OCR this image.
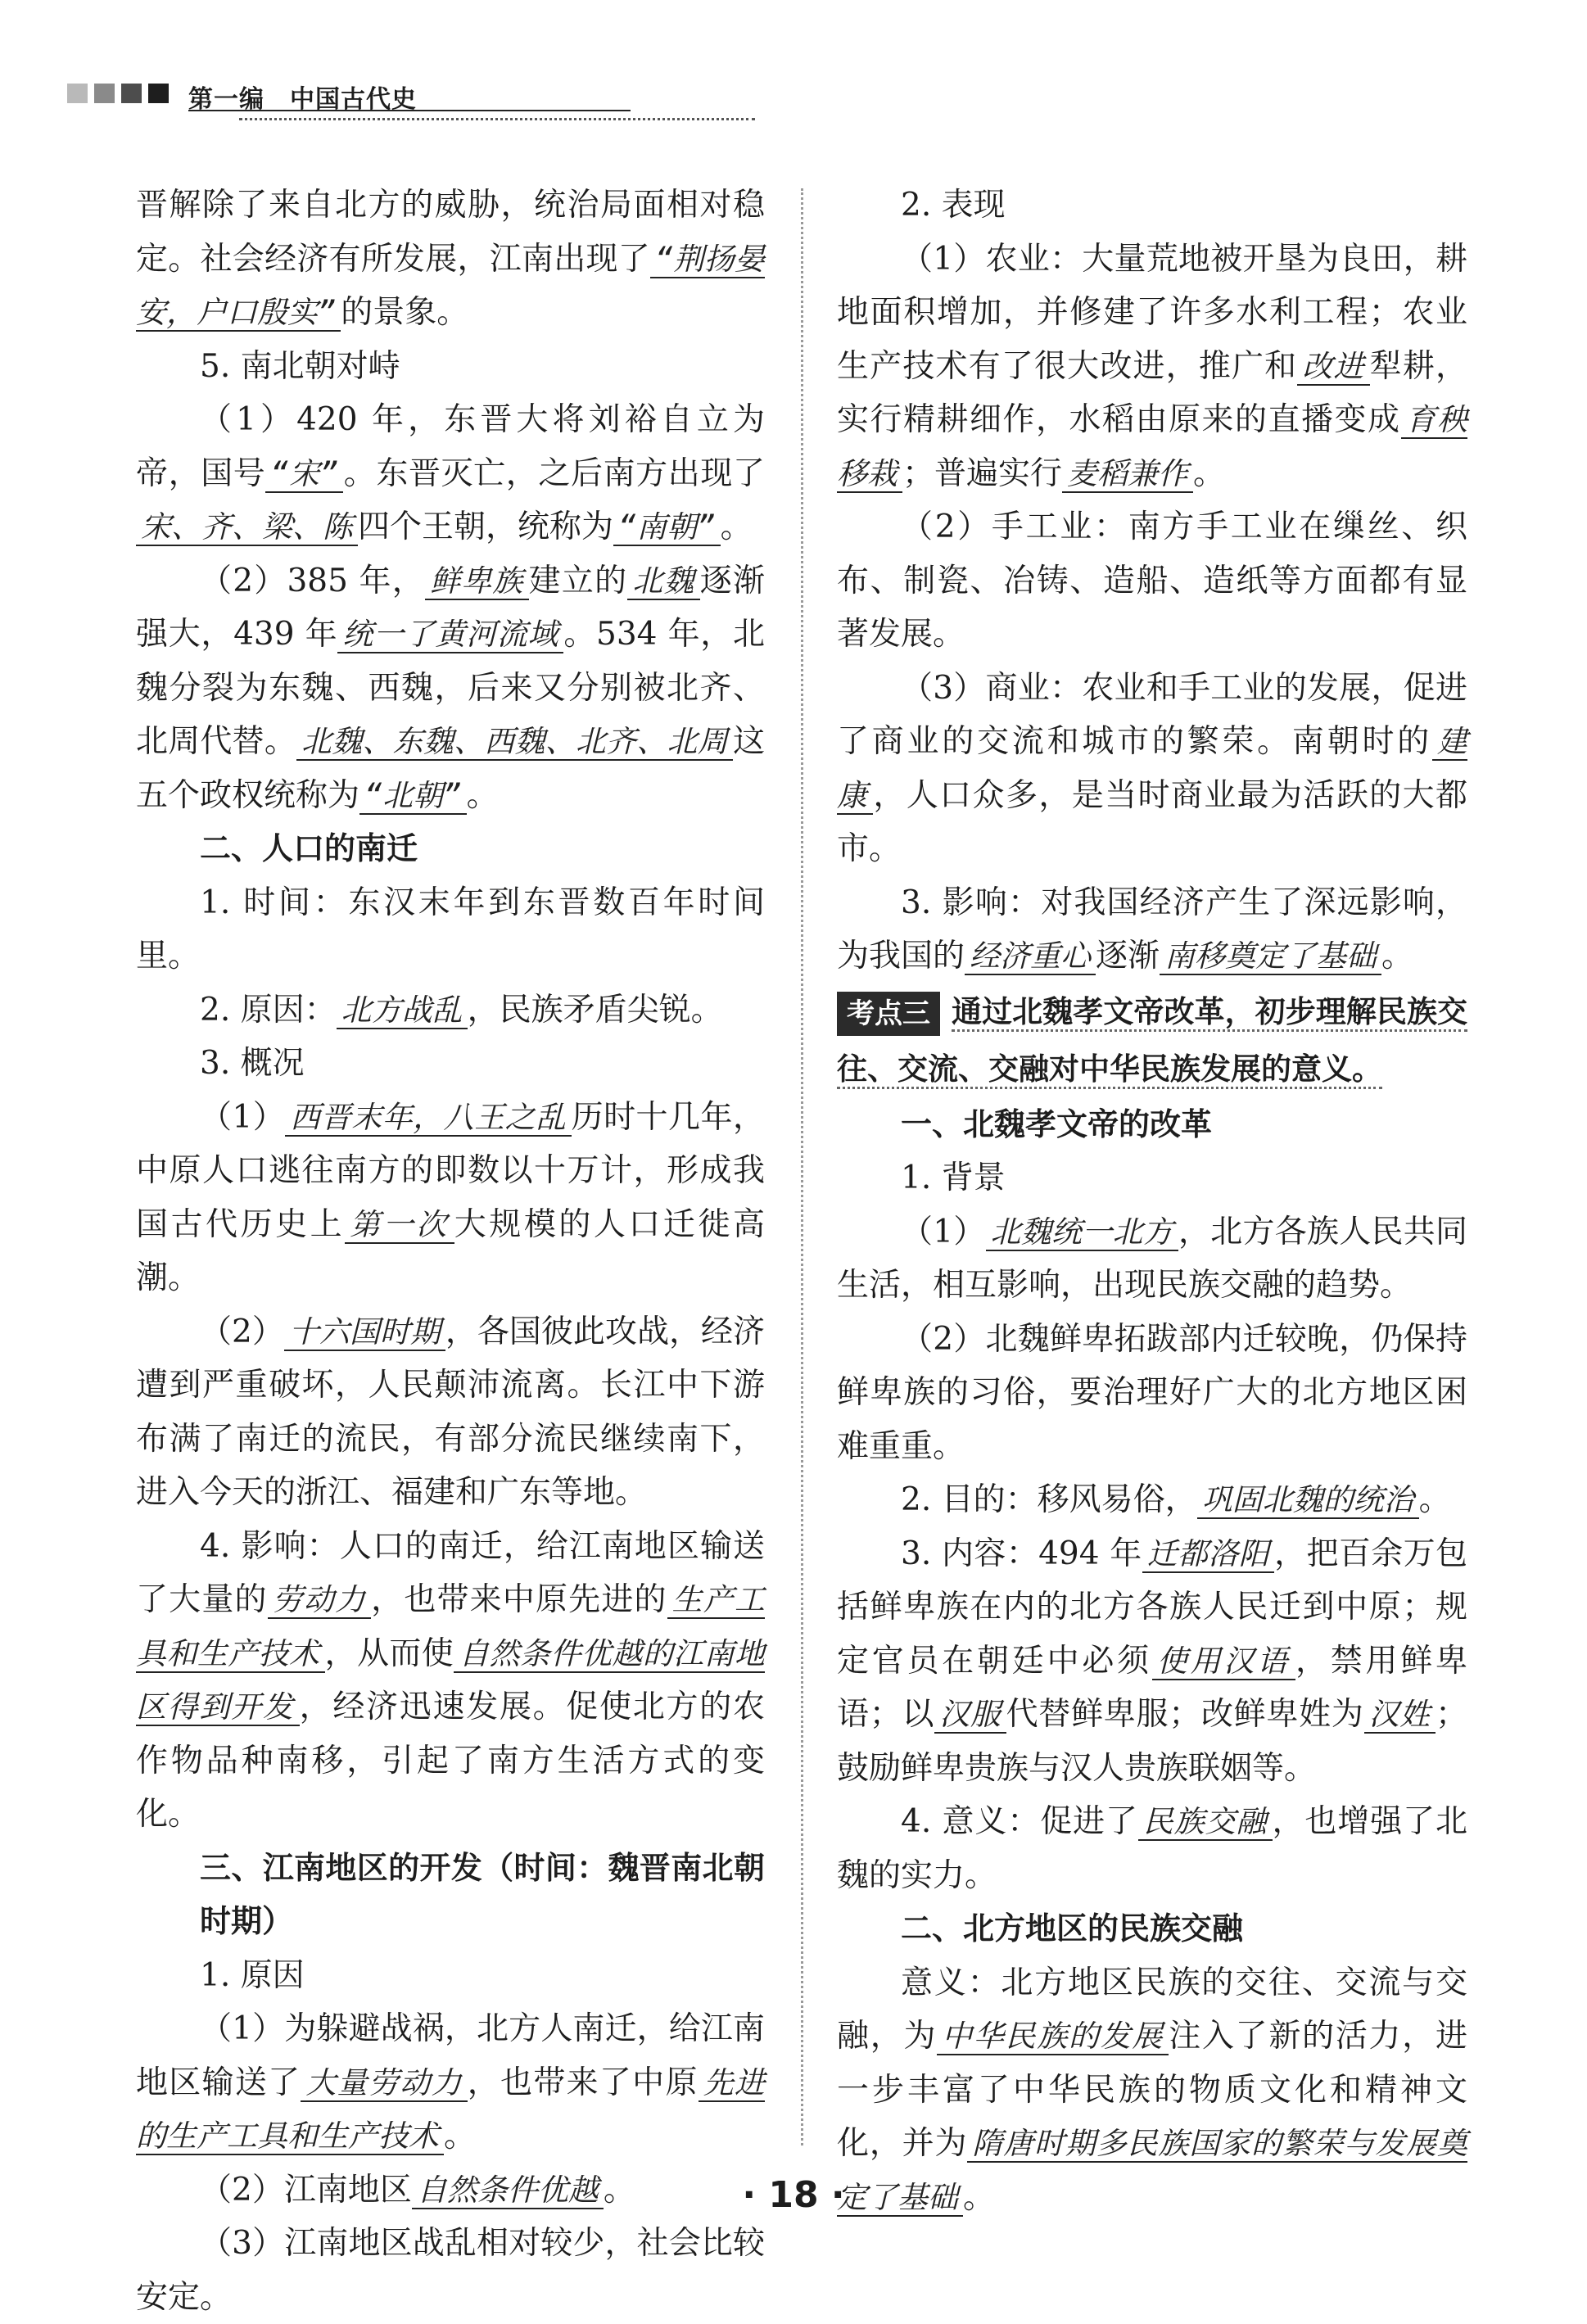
第一编　中国古代史

晋解除了来自北方的威胁，统治局面相对稳定。社会经济有所发展，江南出现了 “荆扬晏安，户口殷实” 的景象。

5. 南北朝对峙

（1）420 年，东晋大将刘裕自立为帝，国号 “宋” 。东晋灭亡，之后南方出现了宋、齐、梁、陈 四个王朝，统称为 “南朝” 。

（2）385 年， 鲜卑族 建立的 北魏 逐渐强大，439 年 统一了黄河流域 。534 年，北魏分裂为东魏、西魏，后来又分别被北齐、北周代替。 北魏、东魏、西魏、北齐、北周 这五个政权统称为 “北朝” 。

二、人口的南迁

1. 时间：东汉末年到东晋数百年时间里。

2. 原因： 北方战乱 ，民族矛盾尖锐。

3. 概况

（1） 西晋末年，八王之乱 历时十几年，中原人口逃往南方的即数以十万计，形成我国古代历史上 第一次 大规模的人口迁徙高潮。

（2） 十六国时期 ，各国彼此攻战，经济遭到严重破坏，人民颠沛流离。长江中下游布满了南迁的流民，有部分流民继续南下，进入今天的浙江、福建和广东等地。

4. 影响：人口的南迁，给江南地区输送了大量的 劳动力 ，也带来中原先进的 生产工具和生产技术 ，从而使 自然条件优越的江南地区得到开发 ，经济迅速发展。促使北方的农作物品种南移，引起了南方生活方式的变化。

三、江南地区的开发（时间：魏晋南北朝时期）

1. 原因

（1）为躲避战祸，北方人南迁，给江南地区输送了 大量劳动力 ，也带来了中原 先进的生产工具和生产技术 。

（2）江南地区 自然条件优越 。

（3）江南地区战乱相对较少，社会比较安定。

2. 表现

（1）农业：大量荒地被开垦为良田，耕地面积增加，并修建了许多水利工程；农业生产技术有了很大改进，推广和 改进 犁耕，实行精耕细作，水稻由原来的直播变成 育秧移栽 ；普遍实行 麦稻兼作 。

（2）手工业：南方手工业在缫丝、织布、制瓷、冶铸、造船、造纸等方面都有显著发展。

（3）商业：农业和手工业的发展，促进了商业的交流和城市的繁荣。南朝时的 建康 ，人口众多，是当时商业最为活跃的大都市。

3. 影响：对我国经济产生了深远影响，为我国的 经济重心 逐渐 南移奠定了基础 。

考点三 通过北魏孝文帝改革，初步理解民族交往、交流、交融对中华民族发展的意义。

一、北魏孝文帝的改革

1. 背景

（1） 北魏统一北方 ，北方各族人民共同生活，相互影响，出现民族交融的趋势。

（2）北魏鲜卑拓跋部内迁较晚，仍保持鲜卑族的习俗，要治理好广大的北方地区困难重重。

2. 目的：移风易俗， 巩固北魏的统治 。

3. 内容：494 年 迁都洛阳 ，把百余万包括鲜卑族在内的北方各族人民迁到中原；规定官员在朝廷中必须 使用汉语 ，禁用鲜卑语；以 汉服 代替鲜卑服；改鲜卑姓为 汉姓 ；鼓励鲜卑贵族与汉人贵族联姻等。

4. 意义：促进了 民族交融 ，也增强了北魏的实力。

二、北方地区的民族交融

意义：北方地区民族的交往、交流与交融，为 中华民族的发展 注入了新的活力，进一步丰富了中华民族的物质文化和精神文化，并为 隋唐时期多民族国家的繁荣与发展奠定了基础 。

· 18 ·
